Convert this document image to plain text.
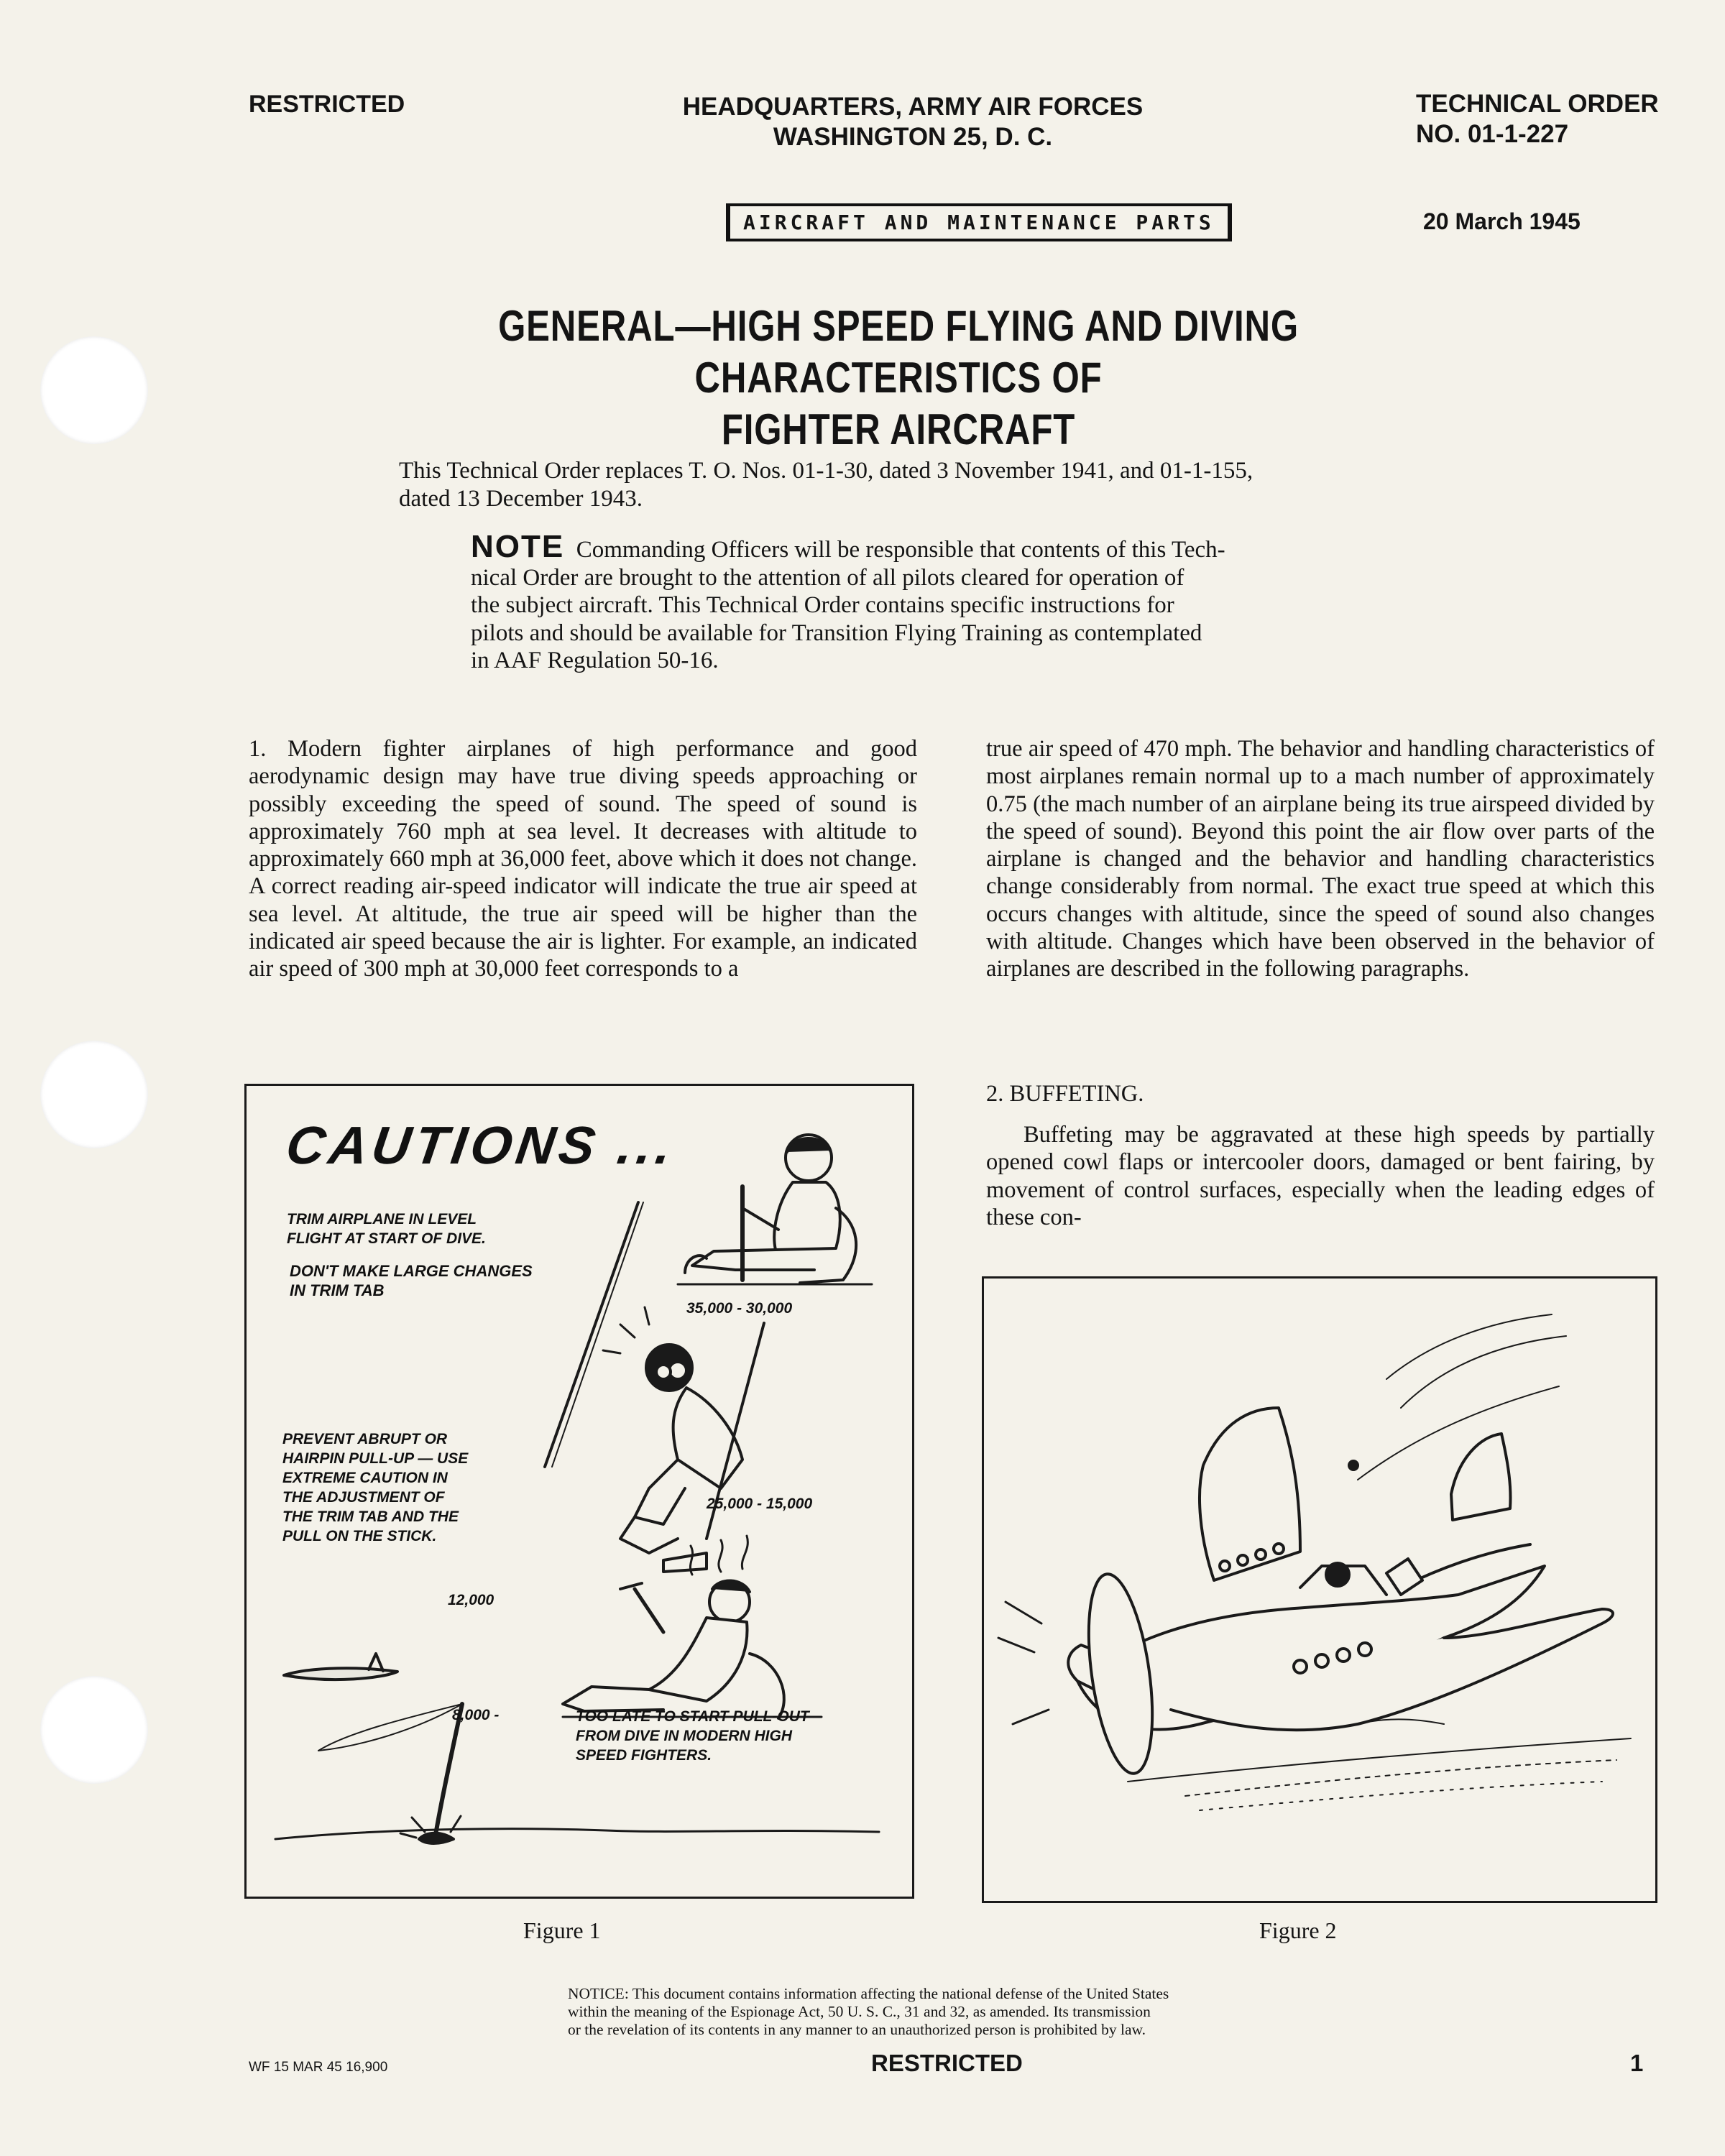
RESTRICTED	HEADQUARTERS, ARMY AIR FORCES
WASHINGTON 25, D. C.
TECHNICAL ORDER
NO. 01-1-227
AIRCRAFT AND MAINTENANCE PARTS	20 March 1945
GENERAL—HIGH SPEED FLYING AND DIVING CHARACTERISTICS OF
FIGHTER AIRCRAFT
This Technical Order replaces T. O. Nos. 01-1-30, dated 3 November 1941, and 01-1-155,
dated 13 December 1943.
NOTE Commanding Officers will be responsible that contents of this Tech-
nical Order are brought to the attention of all pilots cleared for operation of
the subject aircraft. This Technical Order contains specific instructions for
pilots and should be available for Transition Flying Training as contemplated
in AAF Regulation 50-16.
1. Modern fighter airplanes of high performance and good aerodynamic design may have true diving speeds approaching or possibly exceeding the speed of sound. The speed of sound is approximately 760 mph at sea level. It decreases with altitude to approximately 660 mph at 36,000 feet, above which it does not change. A correct reading air-speed indicator will indicate the true air speed at sea level. At altitude, the true air speed will be higher than the indicated air speed because the air is lighter. For example, an indicated air speed of 300 mph at 30,000 feet corresponds to a
true air speed of 470 mph. The behavior and handling characteristics of most airplanes remain normal up to a mach number of approximately 0.75 (the mach number of an airplane being its true airspeed divided by the speed of sound). Beyond this point the air flow over parts of the airplane is changed and the behavior and handling characteristics change considerably from normal. The exact true speed at which this occurs changes with altitude, since the speed of sound also changes with altitude. Changes which have been observed in the behavior of airplanes are described in the following paragraphs.
2. BUFFETING.
Buffeting may be aggravated at these high speeds by partially opened cowl flaps or intercooler doors, damaged or bent fairing, by movement of control surfaces, especially when the leading edges of these con-
CAUTIONS ...
TRIM AIRPLANE IN LEVEL
FLIGHT AT START OF DIVE.
DON'T MAKE LARGE CHANGES
IN TRIM TAB
35,000 - 30,000
PREVENT ABRUPT OR
HAIRPIN PULL-UP — USE
EXTREME CAUTION IN
THE ADJUSTMENT OF
THE TRIM TAB AND THE
PULL ON THE STICK.
25,000 - 15,000
12,000
8,000 -	TOO LATE TO START PULL-OUT
FROM DIVE IN MODERN HIGH
SPEED FIGHTERS.
Figure 1	Figure 2
NOTICE: This document contains information affecting the national defense of the United States
within the meaning of the Espionage Act, 50 U. S. C., 31 and 32, as amended. Its transmission
or the revelation of its contents in any manner to an unauthorized person is prohibited by law.
WF 15 MAR 45 16,900	RESTRICTED	1
